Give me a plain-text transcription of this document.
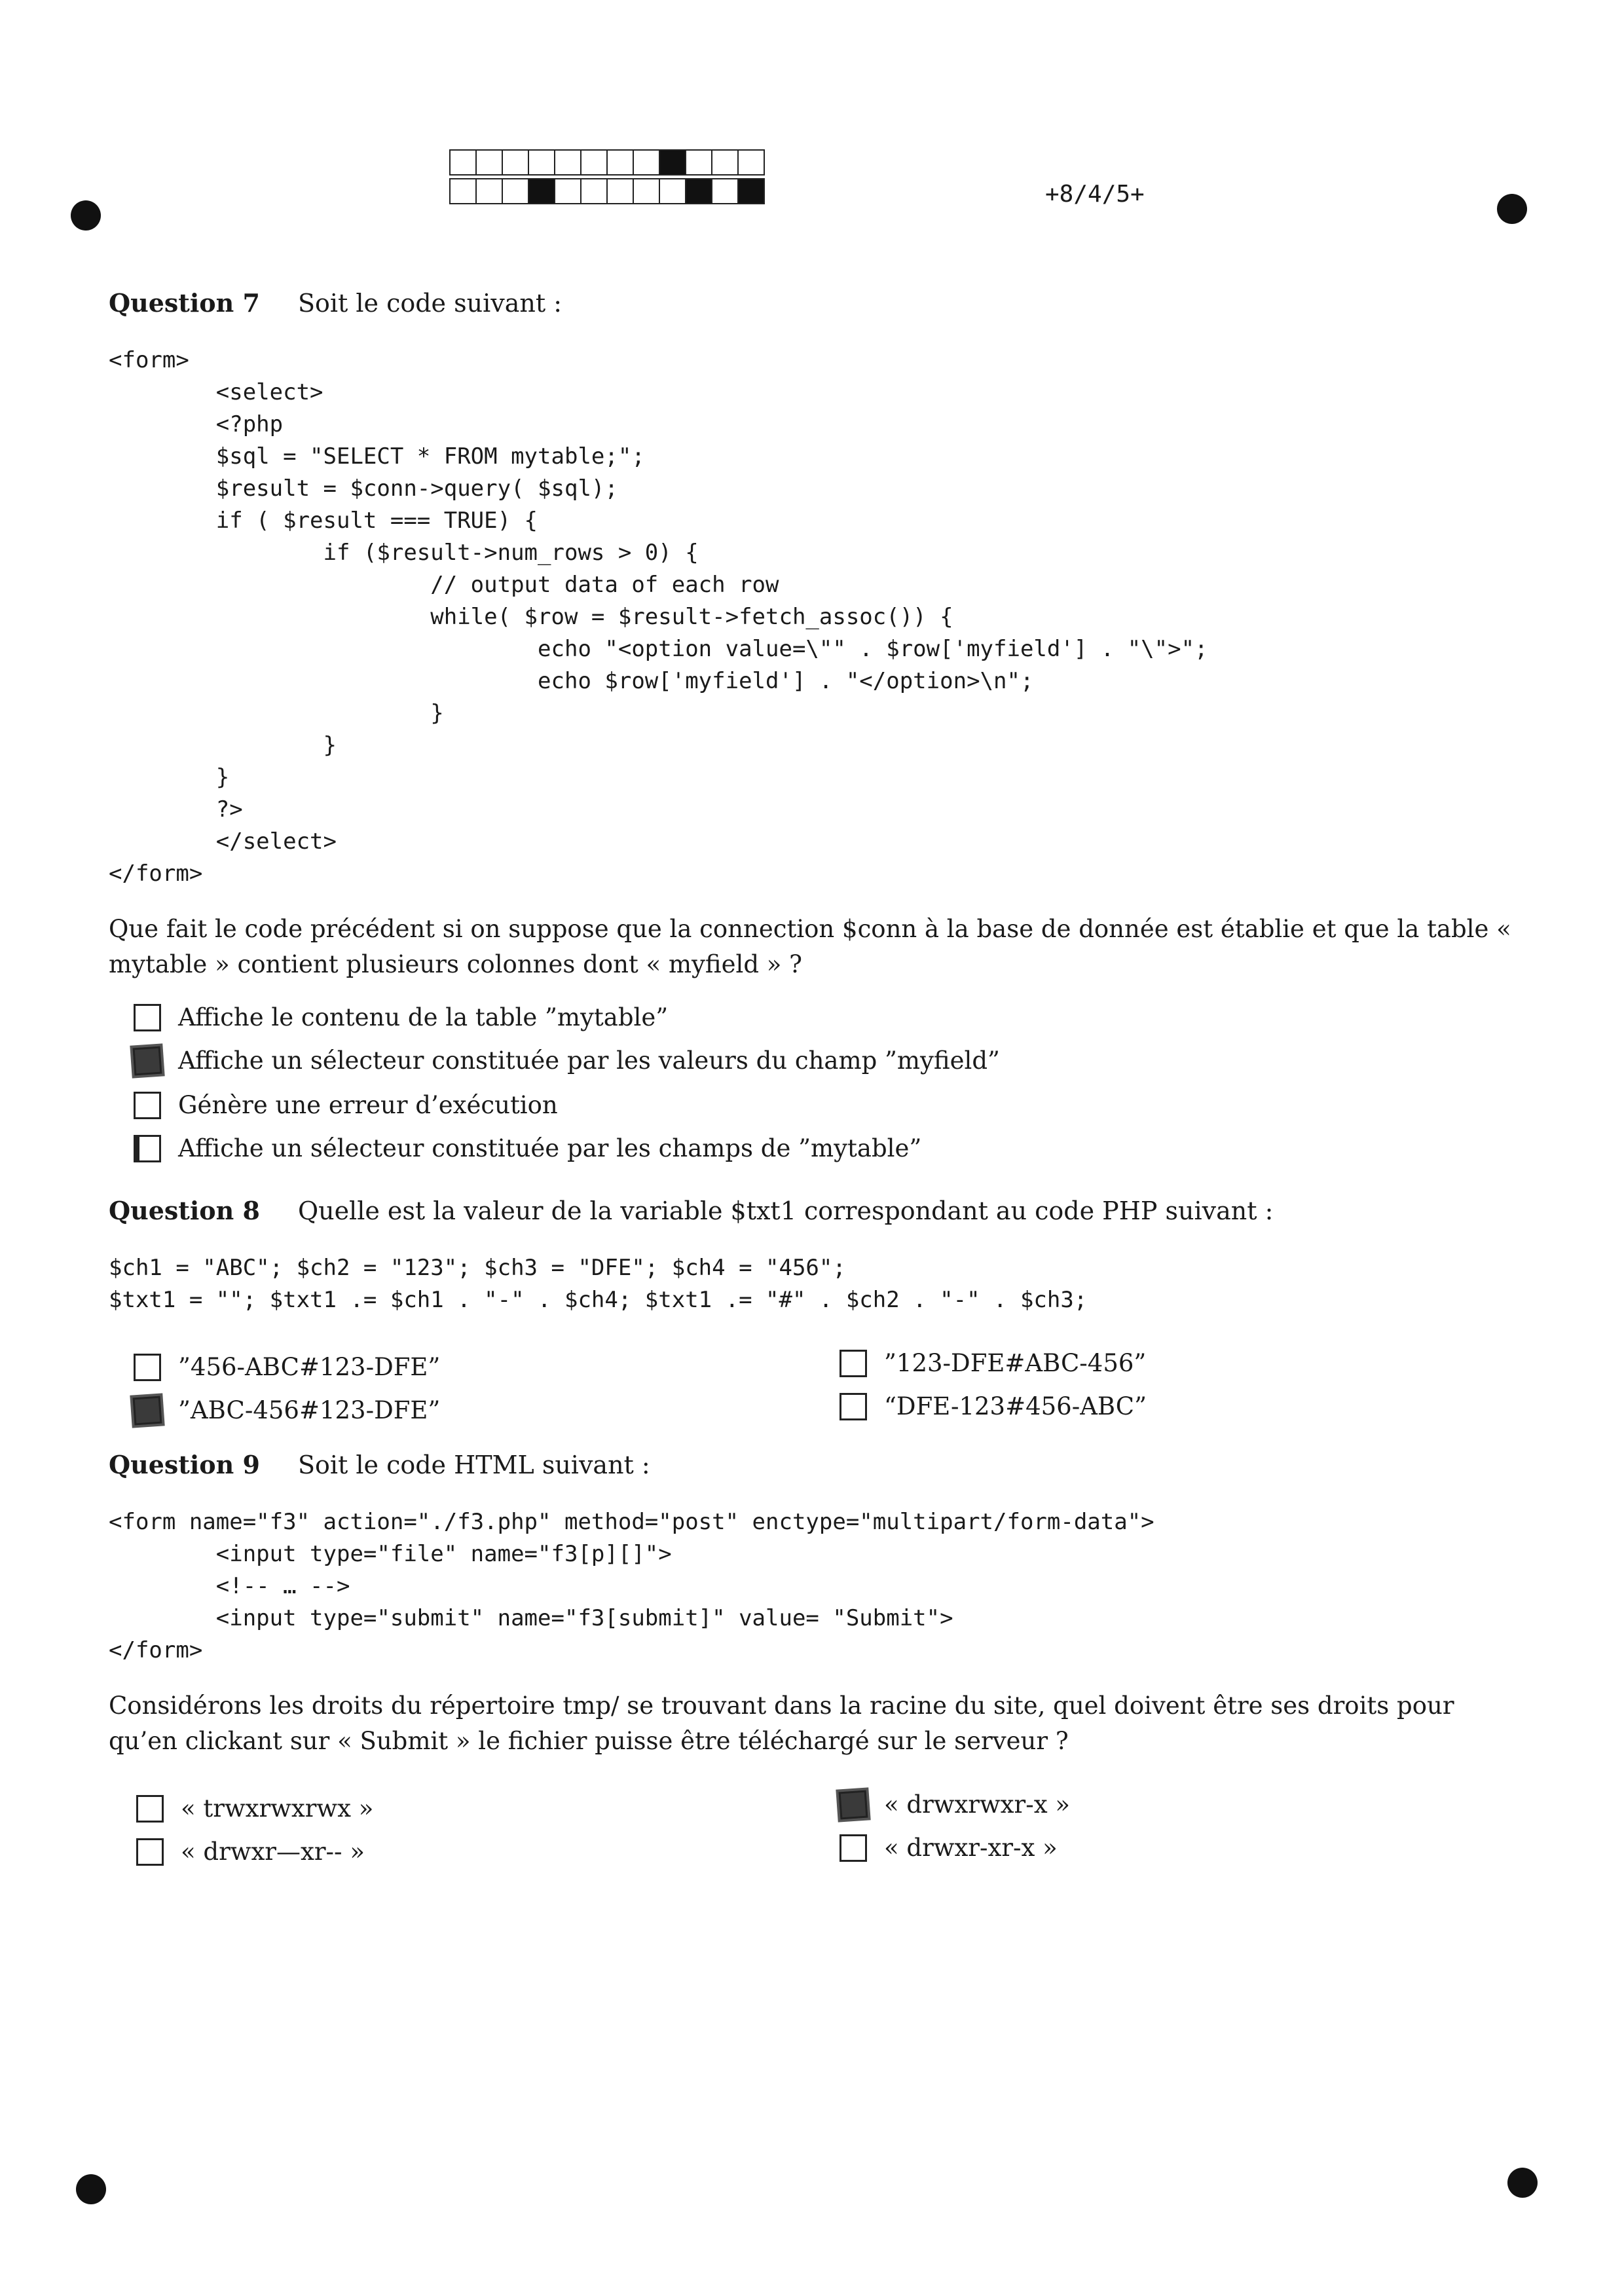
+8/4/5+
Question 7 Soit le code suivant :
<form>
<select>
<?php
$sql = "SELECT * FROM mytable;";
$result = $conn->query( $sql);
if ( $result === TRUE) {
if ($result->num_rows > 0) {
// output data of each row
while( $row = $result->fetch_assoc()) {
echo "<option value=\"" . $row['myfield'] . "\">";
echo $row['myfield'] . "</option>\n";
}
}
}
?>
</select>
</form>
Que fait le code précédent si on suppose que la connection $conn à la base de donnée est établie et que la table « mytable » contient plusieurs colonnes dont « myfield » ?
Affiche le contenu de la table ”mytable”
Affiche un sélecteur constituée par les valeurs du champ ”myfield”
Génère une erreur d’exécution
Affiche un sélecteur constituée par les champs de ”mytable”
Question 8 Quelle est la valeur de la variable $txt1 correspondant au code PHP suivant :
$ch1 = "ABC"; $ch2 = "123"; $ch3 = "DFE"; $ch4 = "456";
$txt1 = ""; $txt1 .= $ch1 . "-" . $ch4; $txt1 .= "#" . $ch2 . "-" . $ch3;
”456-ABC#123-DFE”
”ABC-456#123-DFE”
”123-DFE#ABC-456”
“DFE-123#456-ABC”
Question 9 Soit le code HTML suivant :
<form name="f3" action="./f3.php" method="post" enctype="multipart/form-data">
<input type="file" name="f3[p][]">
<!-- … -->
<input type="submit" name="f3[submit]" value= "Submit">
</form>
Considérons les droits du répertoire tmp/ se trouvant dans la racine du site, quel doivent être ses droits pour qu’en clickant sur « Submit » le fichier puisse être téléchargé sur le serveur ?
« trwxrwxrwx »
« drwxr—xr-- »
« drwxrwxr-x »
« drwxr-xr-x »
